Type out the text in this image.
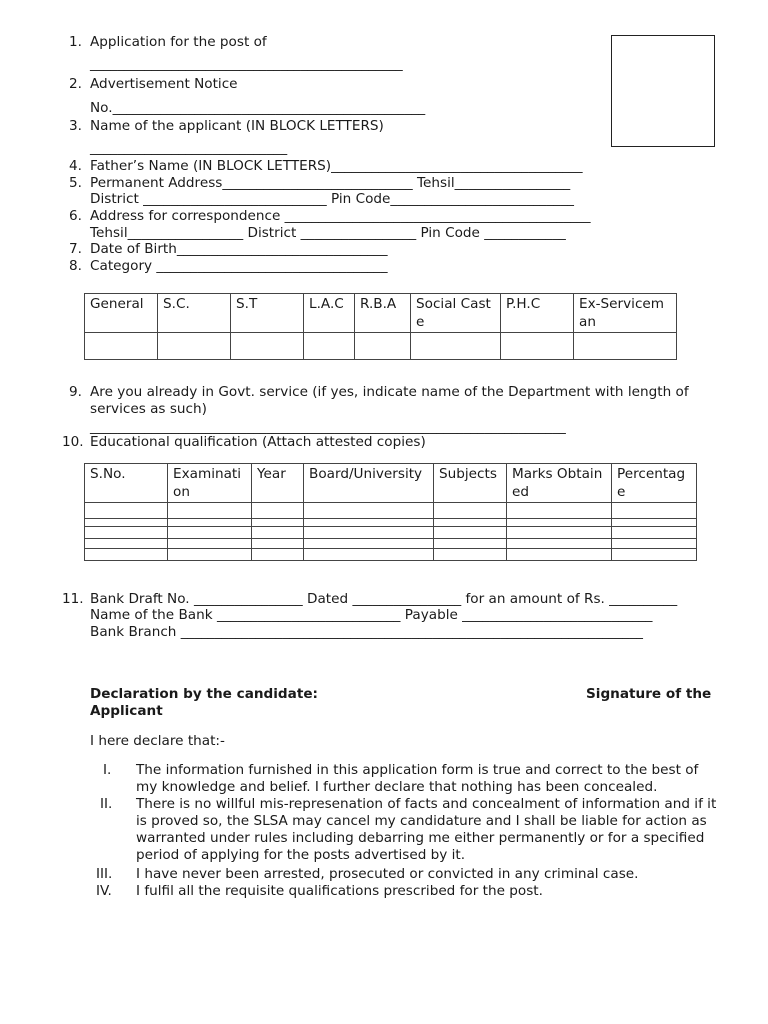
1. Application for the post of
______________________________________________
2. Advertisement Notice
No.______________________________________________
3. Name of the applicant (IN BLOCK LETTERS)
_____________________________
4. Father’s Name (IN BLOCK LETTERS)_____________________________________
5. Permanent Address____________________________ Tehsil_________________
District ___________________________ Pin Code___________________________
6. Address for correspondence _____________________________________________
Tehsil_________________ District _________________ Pin Code ____________
7. Date of Birth_______________________________
8. Category __________________________________
General	S.C.	S.T	L.A.C	R.B.A	Social Caste	P.H.C	Ex-Serviceman

9. Are you already in Govt. service (if yes, indicate name of the Department with length of
services as such)
______________________________________________________________________
10. Educational qualification (Attach attested copies)
S.No.	Examination	Year	Board/University	Subjects	Marks Obtained	Percentage

11. Bank Draft No. ________________ Dated ________________ for an amount of Rs. __________
Name of the Bank ___________________________ Payable ____________________________
Bank Branch ____________________________________________________________________
Declaration by the candidate:	Signature of the Applicant
I here declare that:-
I. The information furnished in this application form is true and correct to the best of my knowledge and belief. I further declare that nothing has been concealed.
II. There is no willful mis-represenation of facts and concealment of information and if it is proved so, the SLSA may cancel my candidature and I shall be liable for action as warranted under rules including debarring me either permanently or for a specified period of applying for the posts advertised by it.
III. I have never been arrested, prosecuted or convicted in any criminal case.
IV. I fulfil all the requisite qualifications prescribed for the post.
